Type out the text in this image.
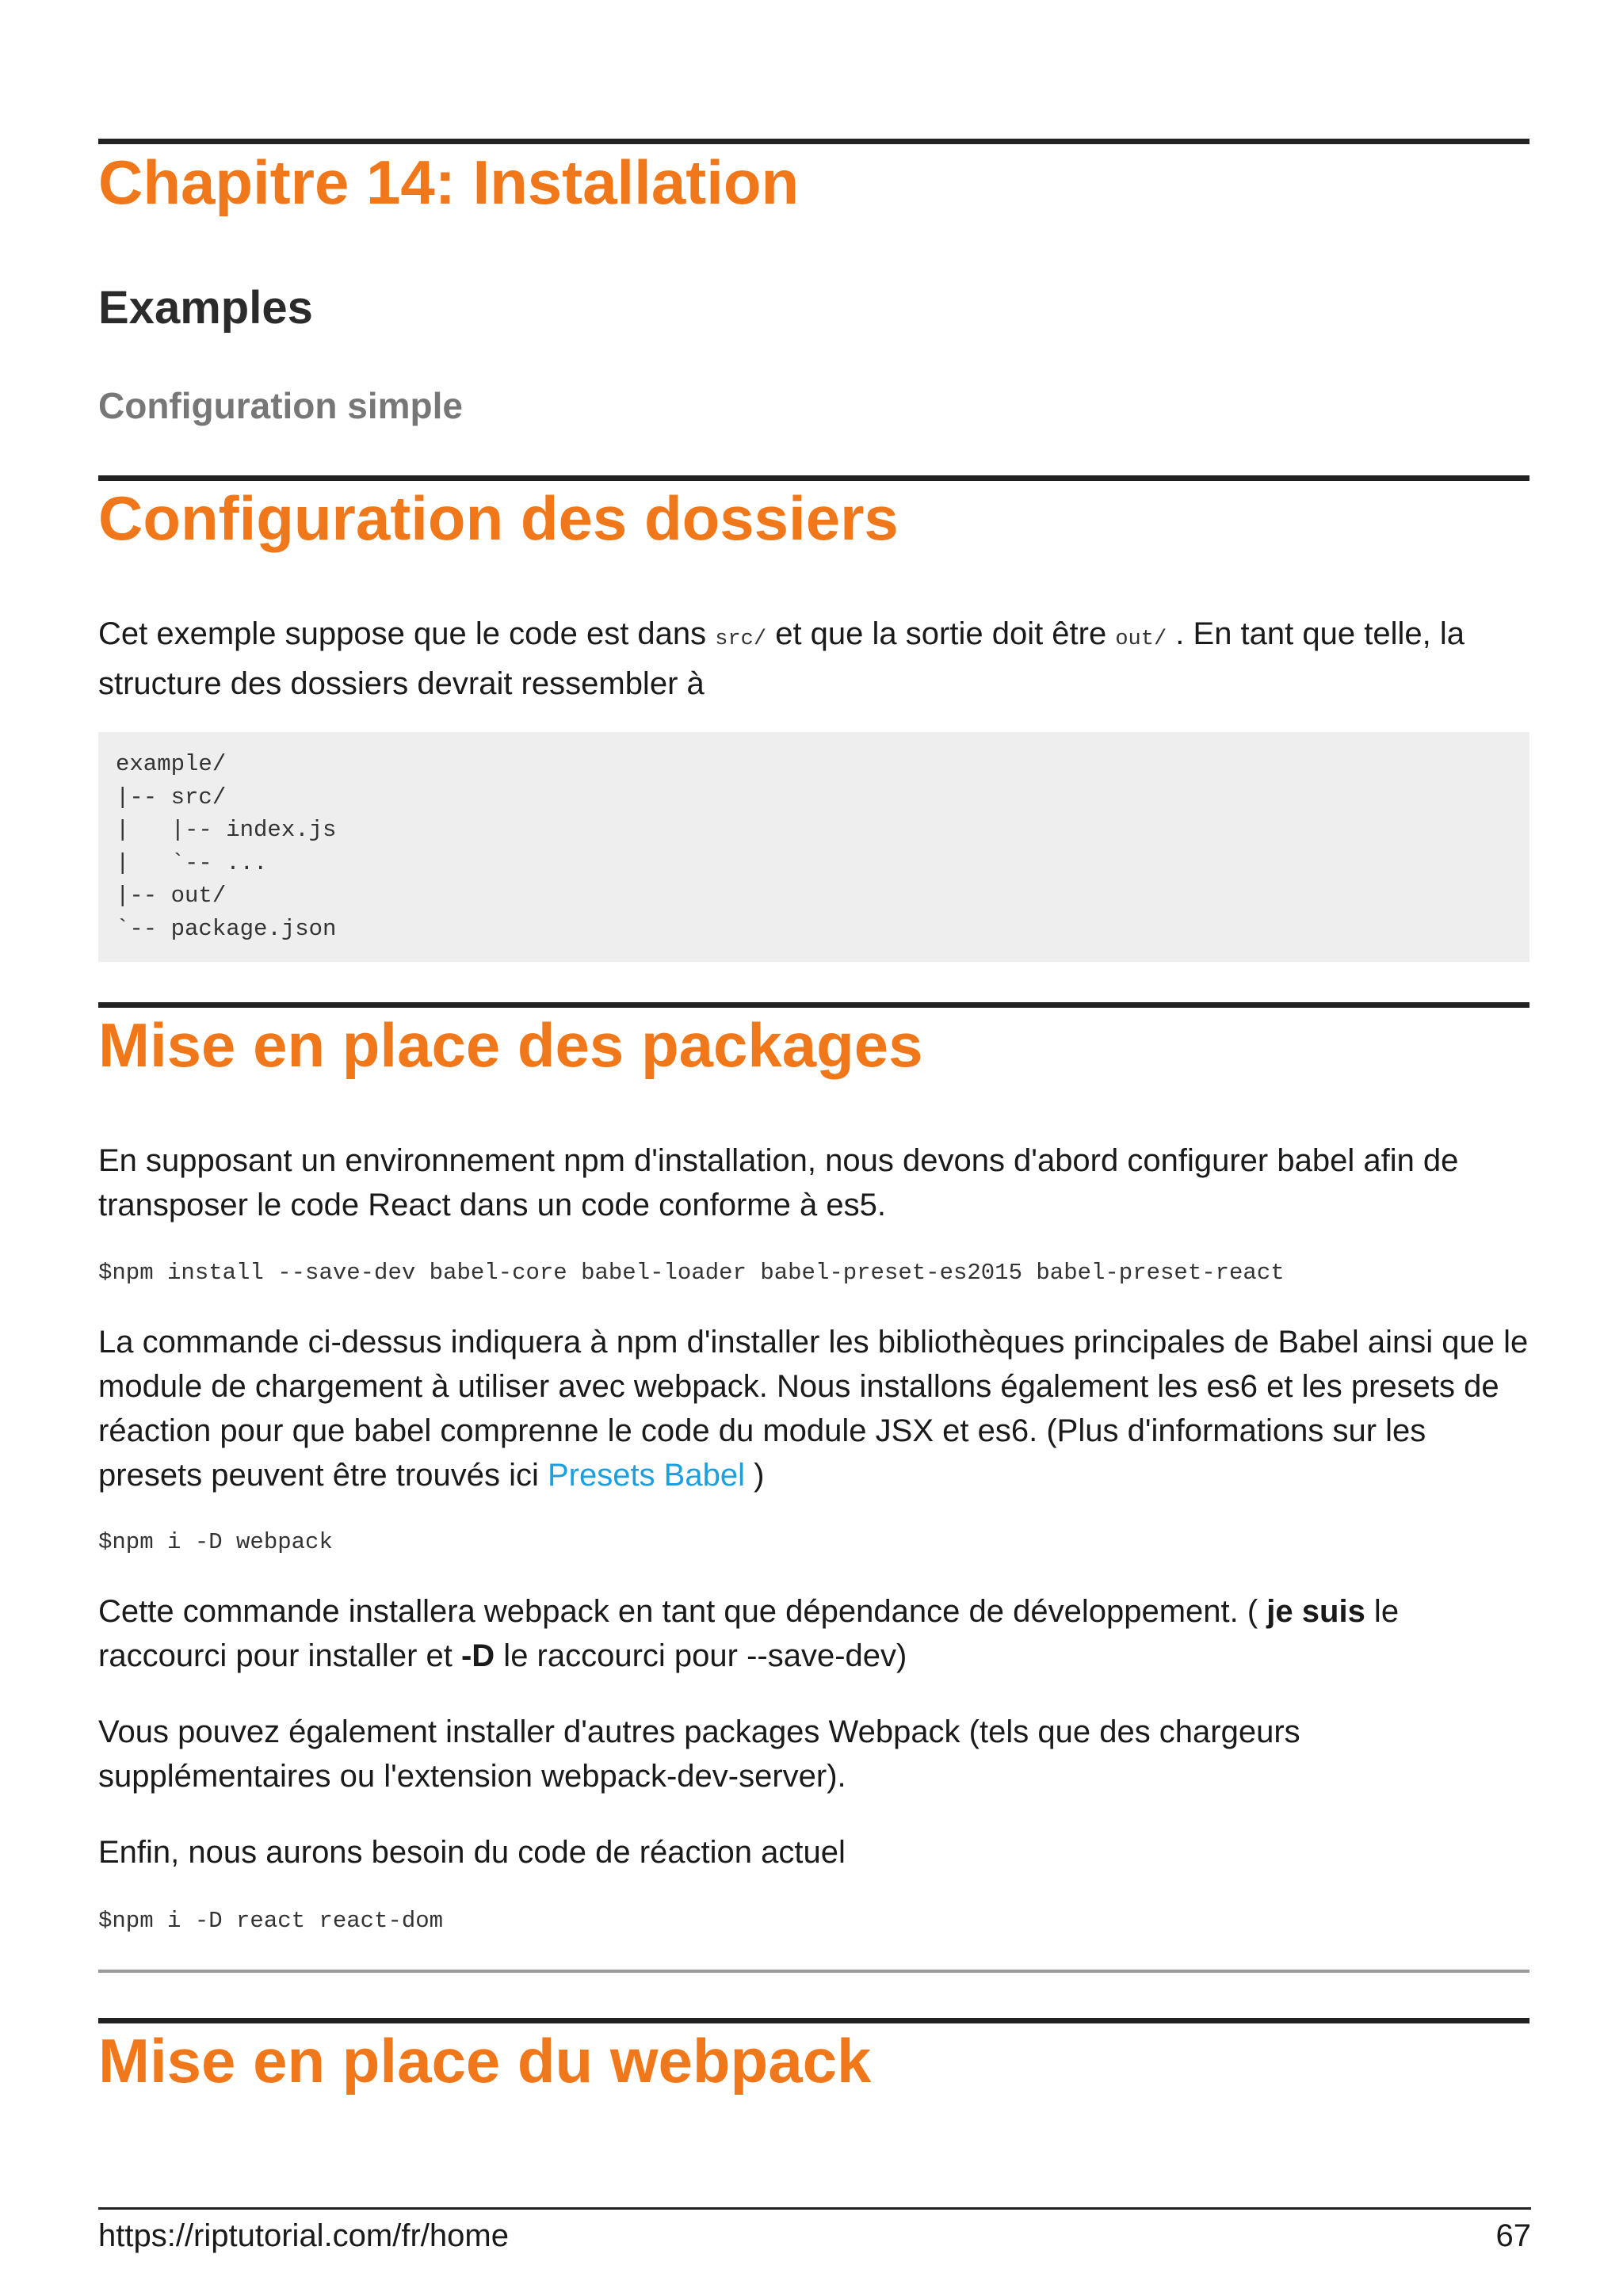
Chapitre 14: Installation
Examples
Configuration simple
Configuration des dossiers

Cet exemple suppose que le code est dans src/ et que la sortie doit être out/ . En tant que telle, la structure des dossiers devrait ressembler à

example/
|-- src/
|   |-- index.js
|   `-- ...
|-- out/
`-- package.json
Mise en place des packages

En supposant un environnement npm d'installation, nous devons d'abord configurer babel afin de transposer le code React dans un code conforme à es5.

$npm install --save-dev babel-core babel-loader babel-preset-es2015 babel-preset-react

La commande ci-dessus indiquera à npm d'installer les bibliothèques principales de Babel ainsi que le module de chargement à utiliser avec webpack. Nous installons également les es6 et les presets de réaction pour que babel comprenne le code du module JSX et es6. (Plus d'informations sur les presets peuvent être trouvés ici Presets Babel )

$npm i -D webpack

Cette commande installera webpack en tant que dépendance de développement. ( je suis le raccourci pour installer et -D le raccourci pour --save-dev)

Vous pouvez également installer d'autres packages Webpack (tels que des chargeurs supplémentaires ou l'extension webpack-dev-server).

Enfin, nous aurons besoin du code de réaction actuel

$npm i -D react react-dom
Mise en place du webpack
https://riptutorial.com/fr/home	67
